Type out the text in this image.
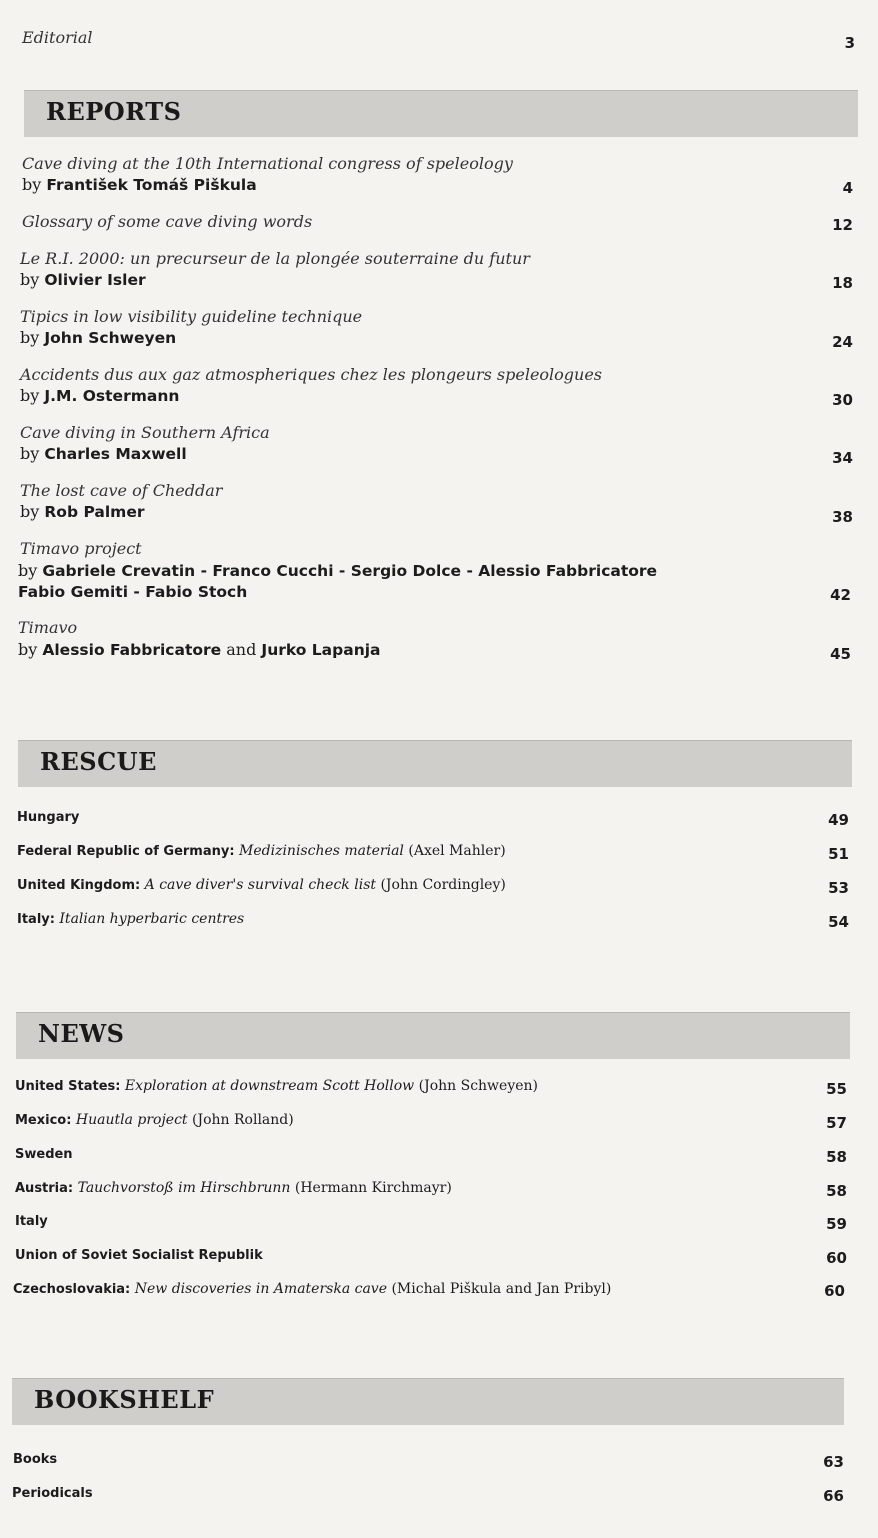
Editorial	3
REPORTS
Cave diving at the 10th International congress of speleology
by František Tomáš Piškula	4
Glossary of some cave diving words	12
Le R.I. 2000: un precurseur de la plongée souterraine du futur
by Olivier Isler	18
Tipics in low visibility guideline technique
by John Schweyen	24
Accidents dus aux gaz atmospheriques chez les plongeurs speleologues
by J.M. Ostermann	30
Cave diving in Southern Africa
by Charles Maxwell	34
The lost cave of Cheddar
by Rob Palmer	38
Timavo project
by Gabriele Crevatin - Franco Cucchi - Sergio Dolce - Alessio Fabbricatore
Fabio Gemiti - Fabio Stoch	42
Timavo
by Alessio Fabbricatore and Jurko Lapanja	45
RESCUE
Hungary	49
Federal Republic of Germany: Medizinisches material (Axel Mahler)	51
United Kingdom: A cave diver's survival check list (John Cordingley)	53
Italy: Italian hyperbaric centres	54
NEWS
United States: Exploration at downstream Scott Hollow (John Schweyen)	55
Mexico: Huautla project (John Rolland)	57
Sweden	58
Austria: Tauchvorstoß im Hirschbrunn (Hermann Kirchmayr)	58
Italy	59
Union of Soviet Socialist Republik	60
Czechoslovakia: New discoveries in Amaterska cave (Michal Piškula and Jan Pribyl)	60
BOOKSHELF
Books	63
Periodicals	66
